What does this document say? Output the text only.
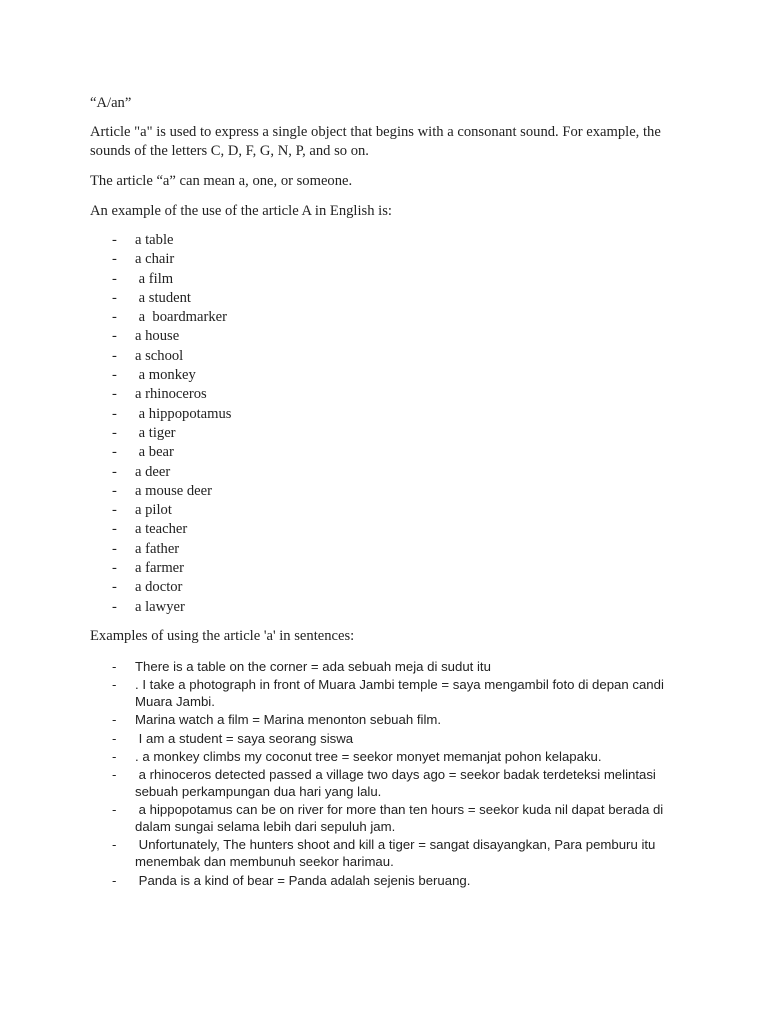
“A/an”
Article "a" is used to express a single object that begins with a consonant sound. For example, the sounds of the letters C, D, F, G, N, P, and so on.
The article “a” can mean a, one, or someone.
An example of the use of the article A in English is:
- a table
- a chair
- a film
- a student
- a  boardmarker
- a house
- a school
- a monkey
- a rhinoceros
- a hippopotamus
- a tiger
- a bear
- a deer
- a mouse deer
- a pilot
- a teacher
- a father
- a farmer
- a doctor
- a lawyer
Examples of using the article 'a' in sentences:
- There is a table on the corner = ada sebuah meja di sudut itu
- . I take a photograph in front of Muara Jambi temple = saya mengambil foto di depan candi Muara Jambi.
- Marina watch a film = Marina menonton sebuah film.
- I am a student = saya seorang siswa
- . a monkey climbs my coconut tree = seekor monyet memanjat pohon kelapaku.
- a rhinoceros detected passed a village two days ago = seekor badak terdeteksi melintasi sebuah perkampungan dua hari yang lalu.
- a hippopotamus can be on river for more than ten hours = seekor kuda nil dapat berada di dalam sungai selama lebih dari sepuluh jam.
- Unfortunately, The hunters shoot and kill a tiger = sangat disayangkan, Para pemburu itu menembak dan membunuh seekor harimau.
- Panda is a kind of bear = Panda adalah sejenis beruang.
